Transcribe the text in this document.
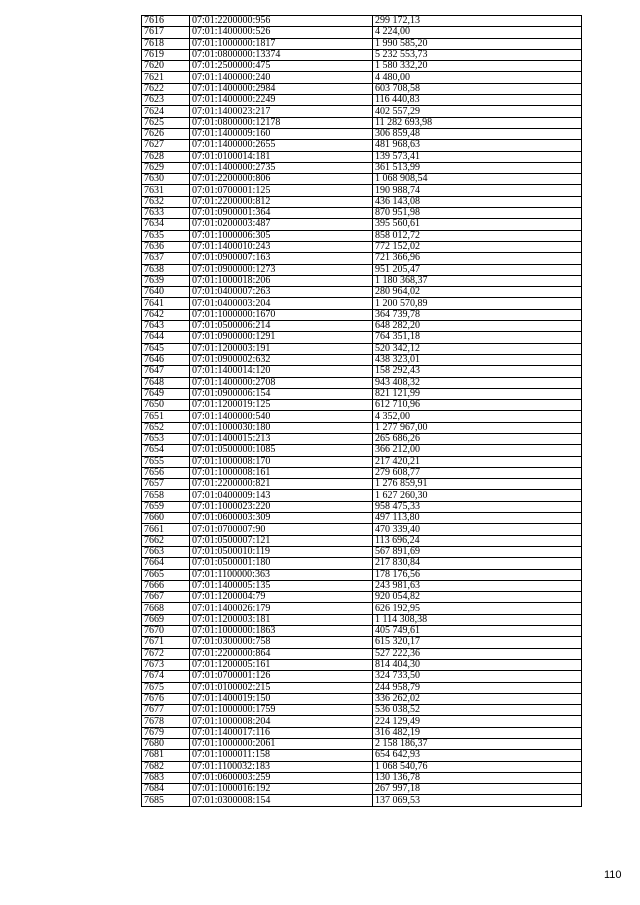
7616	07:01:2200000:956	299 172,13
7617	07:01:1400000:526	4 224,00
7618	07:01:1000000:1817	1 990 585,20
7619	07:01:0800000:13374	5 232 553,73
7620	07:01:2500000:475	1 580 332,20
7621	07:01:1400000:240	4 480,00
7622	07:01:1400000:2984	603 708,58
7623	07:01:1400000:2249	116 440,83
7624	07:01:1400023:217	402 557,29
7625	07:01:0800000:12178	11 282 693,98
7626	07:01:1400009:160	306 859,48
7627	07:01:1400000:2655	481 968,63
7628	07:01:0100014:181	139 573,41
7629	07:01:1400000:2735	361 513,99
7630	07:01:2200000:806	1 068 908,54
7631	07:01:0700001:125	190 988,74
7632	07:01:2200000:812	436 143,08
7633	07:01:0900001:364	870 951,98
7634	07:01:0200003:487	395 560,61
7635	07:01:1000006:305	858 012,72
7636	07:01:1400010:243	772 152,02
7637	07:01:0900007:163	721 366,96
7638	07:01:0900000:1273	951 205,47
7639	07:01:1000018:206	1 180 368,37
7640	07:01:0400007:263	280 964,02
7641	07:01:0400003:204	1 200 570,89
7642	07:01:1000000:1670	364 739,78
7643	07:01:0500006:214	648 282,20
7644	07:01:0900000:1291	764 351,18
7645	07:01:1200003:191	520 342,12
7646	07:01:0900002:632	438 323,01
7647	07:01:1400014:120	158 292,43
7648	07:01:1400000:2708	943 408,32
7649	07:01:0900006:154	821 121,99
7650	07:01:1200019:125	612 710,96
7651	07:01:1400000:540	4 352,00
7652	07:01:1000030:180	1 277 967,00
7653	07:01:1400015:213	265 686,26
7654	07:01:0500000:1085	366 212,00
7655	07:01:1000008:170	217 420,21
7656	07:01:1000008:161	279 608,77
7657	07:01:2200000:821	1 276 859,91
7658	07:01:0400009:143	1 627 260,30
7659	07:01:1000023:220	958 475,33
7660	07:01:0600003:309	497 113,80
7661	07:01:0700007:90	470 339,40
7662	07:01:0500007:121	113 696,24
7663	07:01:0500010:119	567 891,69
7664	07:01:0500001:180	217 830,84
7665	07:01:1100000:363	178 176,56
7666	07:01:1400005:135	243 981,63
7667	07:01:1200004:79	920 054,82
7668	07:01:1400026:179	626 192,95
7669	07:01:1200003:181	1 114 308,38
7670	07:01:1000000:1863	405 749,61
7671	07:01:0300000:758	615 320,17
7672	07:01:2200000:864	527 222,36
7673	07:01:1200005:161	814 404,30
7674	07:01:0700001:126	324 733,50
7675	07:01:0100002:215	244 958,79
7676	07:01:1400019:150	336 262,02
7677	07:01:1000000:1759	536 038,52
7678	07:01:1000008:204	224 129,49
7679	07:01:1400017:116	316 482,19
7680	07:01:1000000:2061	2 158 186,37
7681	07:01:1000011:158	654 642,93
7682	07:01:1100032:183	1 068 540,76
7683	07:01:0600003:259	130 136,78
7684	07:01:1000016:192	267 997,18
7685	07:01:0300008:154	137 069,53
110
